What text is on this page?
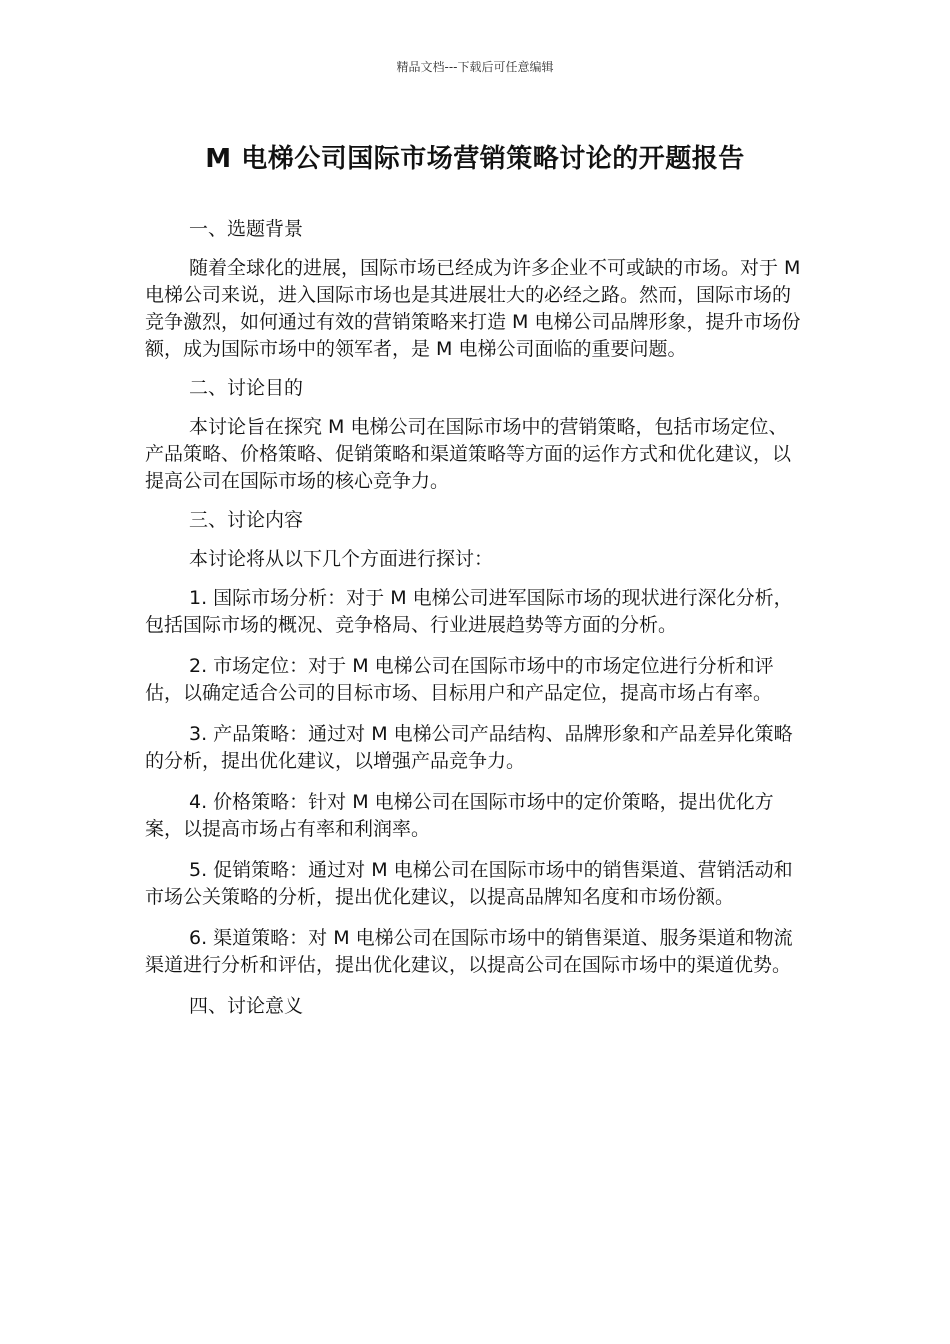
精品文档---下载后可任意编辑
M 电梯公司国际市场营销策略讨论的开题报告

一、选题背景

随着全球化的进展，国际市场已经成为许多企业不可或缺的市场。对于 M 电梯公司来说，进入国际市场也是其进展壮大的必经之路。然而，国际市场的竞争激烈，如何通过有效的营销策略来打造 M 电梯公司品牌形象，提升市场份额，成为国际市场中的领军者，是 M 电梯公司面临的重要问题。

二、讨论目的

本讨论旨在探究 M 电梯公司在国际市场中的营销策略，包括市场定位、产品策略、价格策略、促销策略和渠道策略等方面的运作方式和优化建议，以提高公司在国际市场的核心竞争力。

三、讨论内容

本讨论将从以下几个方面进行探讨：

1. 国际市场分析：对于 M 电梯公司进军国际市场的现状进行深化分析，包括国际市场的概况、竞争格局、行业进展趋势等方面的分析。

2. 市场定位：对于 M 电梯公司在国际市场中的市场定位进行分析和评估，以确定适合公司的目标市场、目标用户和产品定位，提高市场占有率。

3. 产品策略：通过对 M 电梯公司产品结构、品牌形象和产品差异化策略的分析，提出优化建议，以增强产品竞争力。

4. 价格策略：针对 M 电梯公司在国际市场中的定价策略，提出优化方案，以提高市场占有率和利润率。

5. 促销策略：通过对 M 电梯公司在国际市场中的销售渠道、营销活动和市场公关策略的分析，提出优化建议，以提高品牌知名度和市场份额。

6. 渠道策略：对 M 电梯公司在国际市场中的销售渠道、服务渠道和物流渠道进行分析和评估，提出优化建议，以提高公司在国际市场中的渠道优势。

四、讨论意义
